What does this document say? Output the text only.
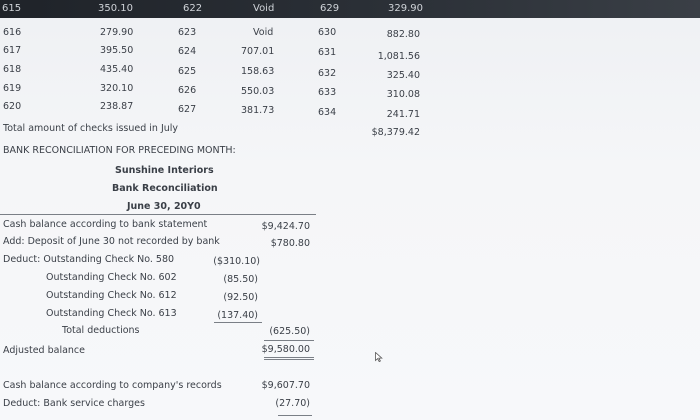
615	350.10	622	Void	629	329.90
616	279.90	623	Void	630	882.80
617	395.50	624	707.01	631	1,081.56
618	435.40	625	158.63	632	325.40
619	320.10	626	550.03	633	310.08
620	238.87	627	381.73	634	241.71
Total amount of checks issued in July	$8,379.42
BANK RECONCILIATION FOR PRECEDING MONTH:
Sunshine Interiors
Bank Reconciliation
June 30, 20Y0
Cash balance according to bank statement	$9,424.70
Add: Deposit of June 30 not recorded by bank	$780.80
Deduct: Outstanding Check No. 580	($310.10)
Outstanding Check No. 602	(85.50)
Outstanding Check No. 612	(92.50)
Outstanding Check No. 613	(137.40)
Total deductions	(625.50)
Adjusted balance	$9,580.00
Cash balance according to company's records	$9,607.70
Deduct: Bank service charges	(27.70)
